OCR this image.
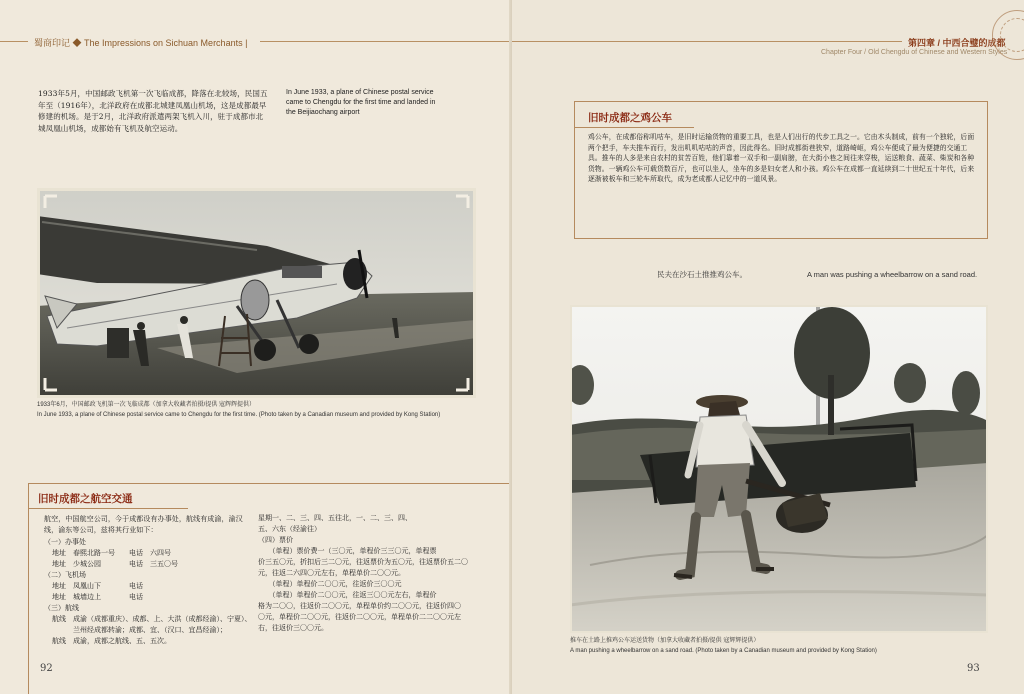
蜀商印记 ◆ The Impressions on Sichuan Merchants |

1933年5月，中国邮政飞机第一次飞临成都，降落在北较场，民国五年至（1916年），北洋政府在成都北城建凤凰山机场，这是成都最早修建的机场。是于2月，北洋政府派遣两架飞机入川，驻于成都市北城凤凰山机场，成都始有飞机及航空运动。

In June 1933, a plane of Chinese postal service came to Chengdu for the first time and landed in the Beijiaochang airport

1933年6月，中国邮政飞机第一次飞临成都（加拿大收藏者拍摄/提供 寇辉辉提供）
In June 1933, a plane of Chinese postal service came to Chengdu for the first time. (Photo taken by a Canadian museum and provided by Kong Station)
旧时成都之航空交通

航空，中国航空公司，今于成都设有办事处，航线有成渝，渝汉线，渝东等公司，兹将其行业如下：

（一）办事处
地址　春熙北路一号　　电话　六四号
地址　少城公园　　　　电话　三五〇号
（二）飞机场
地址　凤凰山下　　　　电话
地址　城墙边上　　　　电话
（三）航线
航线　成渝（成都重庆）、成都、上、大洪（成都经渝）、宁夏）、
　　　兰州经成都转渝；成都、宜、（汉口、宜昌经渝）；
航线　成渝，成都之航线、五、五次。
星期一、二、三、四、五往北，一、二、三、四、
五、六东（经渝往）
（四）票价
　　（单程）票价费一（三〇元，单程价三三〇元，单程票
价三五〇元，折扣后三二〇元，往返票价为五〇元，往返票价五二〇
元，往返二六四〇元左右，单程单价二〇〇元。
　　（单程）单程价二〇〇元，往返价三〇〇元
　　（单程）单程价二〇〇元，往返三〇〇元左右，单程价
格为二〇〇，往返价二〇〇元，单程单价约二〇〇元，往返价四〇
〇元，单程价二〇〇元，往返价二〇〇元，单程单价二二〇〇元左
右，往返价三〇〇元。
92
第四章 / 中西合璧的成都
Chapter Four / Old Chengdu of Chinese and Western Styles
旧时成都之鸡公车

鸡公车，在成都俗称叽咕车，是旧时运输货物的重要工具，也是人们出行的代步工具之一。它由木头制成，前有一个独轮，后面两个把手，车夫推车而行，发出叽叽咕咕的声音，因此得名。旧时成都街巷狭窄，道路崎岖，鸡公车便成了最为便捷的交通工具。推车的人多是来自农村的贫苦百姓，他们靠着一双手和一副肩膀，在大街小巷之间往来穿梭，运送粮食、蔬菜、柴炭和各种货物。一辆鸡公车可载货数百斤，也可以坐人，坐车的多是妇女老人和小孩。鸡公车在成都一直延续到二十世纪五十年代，后来逐渐被板车和三轮车所取代，成为老成都人记忆中的一道风景。

民夫在沙石土推推鸡公车。	A man was pushing a wheelbarrow on a sand road.
推车在土路上推鸡公车运送货物（加拿大收藏者拍摄/提供 寇辉辉提供）
A man pushing a wheelbarrow on a sand road. (Photo taken by a Canadian museum and provided by Kong Station)
93
